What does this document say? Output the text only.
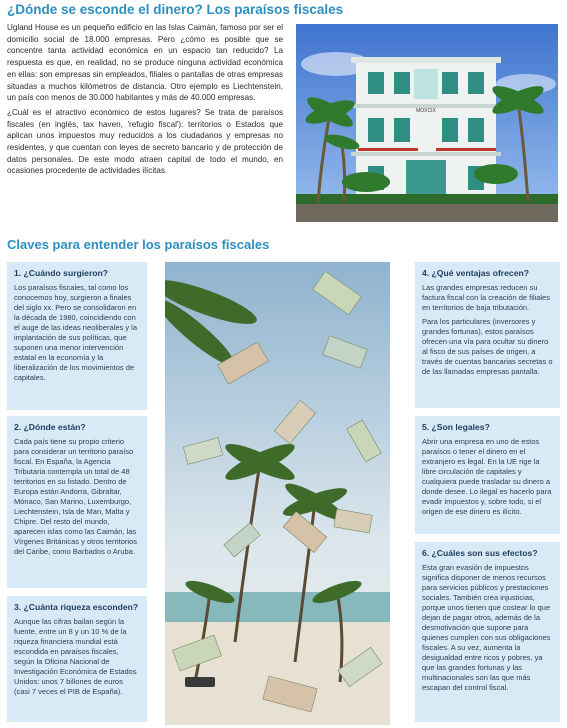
¿Dónde se esconde el dinero? Los paraísos fiscales

Ugland House es un pequeño edificio en las Islas Caimán, famoso por ser el domicilio social de 18.000 empresas. Pero ¿cómo es posible que se concentre tanta actividad económica en un espacio tan reducido? La respuesta es que, en realidad, no se produce ninguna actividad económica en ellas: son empresas sin empleados, filiales o pantallas de otras empresas situadas a muchos kilómetros de distancia. Otro ejemplo es Liechtenstein, un país con menos de 30.000 habitantes y más de 40.000 empresas.

¿Cuál es el atractivo económico de estos lugares? Se trata de paraísos fiscales (en inglés, tax haven, 'refugio fiscal'): territorios o Estados que aplican unos impuestos muy reducidos a los ciudadanos y empresas no residentes, y que cuentan con leyes de secreto bancario y de protección de datos personales. De este modo atraen capital de todo el mundo, en ocasiones procedente de actividades ilícitas.

MOXCIX
Claves para entender los paraísos fiscales
1. ¿Cuándo surgieron?

Los paraísos fiscales, tal como los conocemos hoy, surgieron a finales del siglo xx. Pero se consolidaron en la década de 1980, coincidiendo con el auge de las ideas neoliberales y la implantación de sus políticas, que suponen una menor intervención estatal en la economía y la liberalización de los movimientos de capitales.

2. ¿Dónde están?

Cada país tiene su propio criterio para considerar un territorio paraíso fiscal. En España, la Agencia Tributaria contempla un total de 48 territorios en su listado. Dentro de Europa están Andorra, Gibraltar, Mónaco, San Marino, Luxemburgo, Liechtenstein, Isla de Man, Malta y Chipre. Del resto del mundo, aparecen islas como las Caimán, las Vírgenes Británicas y otros territorios del Caribe, como Barbados o Aruba.

3. ¿Cuánta riqueza esconden?

Aunque las cifras bailan según la fuente, entre un 8 y un 10 % de la riqueza financiera mundial está escondida en paraísos fiscales, según la Oficina Nacional de Investigación Económica de Estados Unidos: unos 7 billones de euros (casi 7 veces el PIB de España).

4. ¿Qué ventajas ofrecen?

Las grandes empresas reducen su factura fiscal con la creación de filiales en territorios de baja tributación.

Para los particulares (inversores y grandes fortunas), estos paraísos ofrecen una vía para ocultar su dinero al fisco de sus países de origen, a través de cuentas bancarias secretas o de las llamadas empresas pantalla.

5. ¿Son legales?

Abrir una empresa en uno de estos paraísos o tener el dinero en el extranjero es legal. En la UE rige la libre circulación de capitales y cualquiera puede trasladar su dinero a donde desee. Lo ilegal es hacerlo para evadir impuestos y, sobre todo, si el origen de ese dinero es ilícito.

6. ¿Cuáles son sus efectos?

Esta gran evasión de impuestos significa disponer de menos recursos para servicios públicos y prestaciones sociales. También crea injusticias, porque unos tienen que costear lo que dejan de pagar otros, además de la desmotivación que supone para quienes cumplen con sus obligaciones fiscales. A su vez, aumenta la desigualdad entre ricos y pobres, ya que las grandes fortunas y las multinacionales son las que más escapan del control fiscal.
